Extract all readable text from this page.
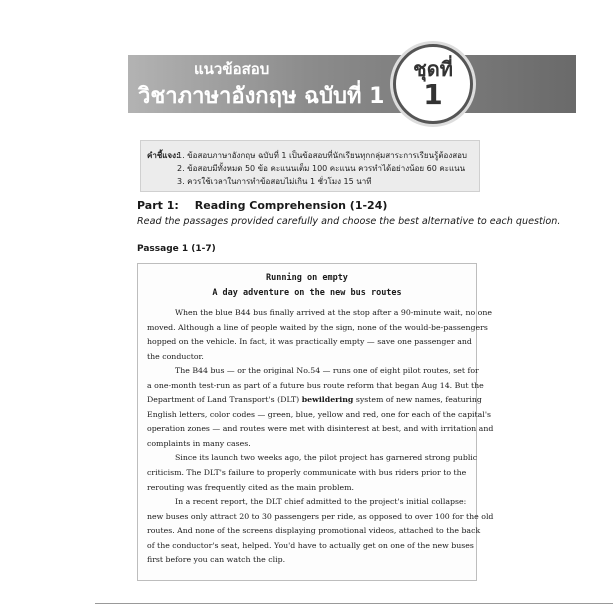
แนวข้อสอบ
วิชาภาษาอังกฤษ ฉบับที่ 1
ชุดที่
1
คำชี้แจง:
1. ข้อสอบภาษาอังกฤษ ฉบับที่ 1 เป็นข้อสอบที่นักเรียนทุกกลุ่มสาระการเรียนรู้ต้องสอบ
2. ข้อสอบมีทั้งหมด 50 ข้อ คะแนนเต็ม 100 คะแนน ควรทำได้อย่างน้อย 60 คะแนน
3. ควรใช้เวลาในการทำข้อสอบไม่เกิน 1 ชั่วโมง 15 นาที
Part 1: Reading Comprehension (1-24)
Read the passages provided carefully and choose the best alternative to each question.
Passage 1 (1-7)
Running on empty
A day adventure on the new bus routes
When the blue B44 bus finally arrived at the stop after a 90-minute wait, no one
moved. Although a line of people waited by the sign, none of the would-be-passengers
hopped on the vehicle. In fact, it was practically empty — save one passenger and
the conductor.
The B44 bus — or the original No.54 — runs one of eight pilot routes, set for
a one-month test-run as part of a future bus route reform that began Aug 14. But the
Department of Land Transport's (DLT) bewildering system of new names, featuring
English letters, color codes — green, blue, yellow and red, one for each of the capital's
operation zones — and routes were met with disinterest at best, and with irritation and
complaints in many cases.
Since its launch two weeks ago, the pilot project has garnered strong public
criticism. The DLT's failure to properly communicate with bus riders prior to the
rerouting was frequently cited as the main problem.
In a recent report, the DLT chief admitted to the project's initial collapse:
new buses only attract 20 to 30 passengers per ride, as opposed to over 100 for the old
routes. And none of the screens displaying promotional videos, attached to the back
of the conductor's seat, helped. You'd have to actually get on one of the new buses
first before you can watch the clip.
